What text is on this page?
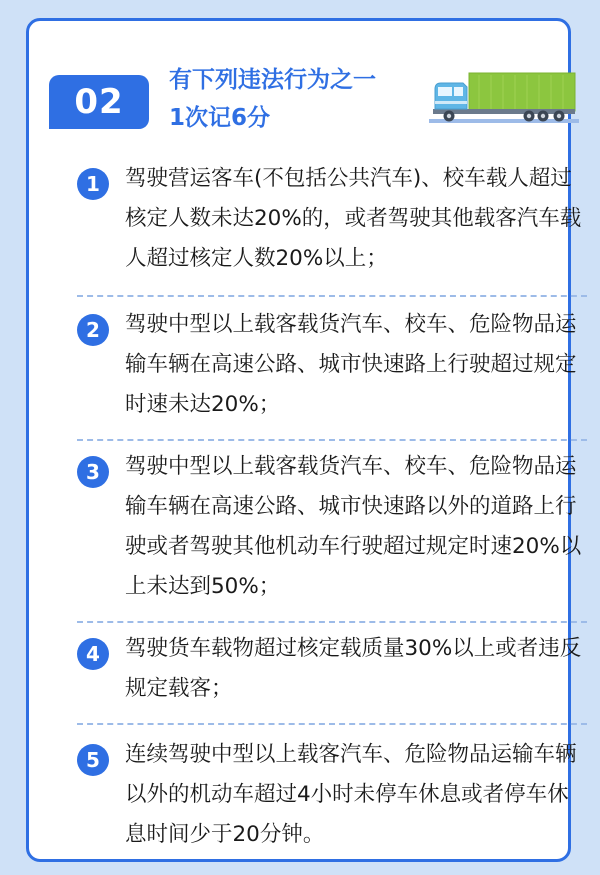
02
有下列违法行为之一
1次记6分
1	驾驶营运客车(不包括公共汽车)、校车载人超过核定人数未达20%的，或者驾驶其他载客汽车载人超过核定人数20%以上；
2	驾驶中型以上载客载货汽车、校车、危险物品运输车辆在高速公路、城市快速路上行驶超过规定时速未达20%；
3	驾驶中型以上载客载货汽车、校车、危险物品运输车辆在高速公路、城市快速路以外的道路上行驶或者驾驶其他机动车行驶超过规定时速20%以上未达到50%；
4	驾驶货车载物超过核定载质量30%以上或者违反规定载客；
5	连续驾驶中型以上载客汽车、危险物品运输车辆以外的机动车超过4小时未停车休息或者停车休息时间少于20分钟。
